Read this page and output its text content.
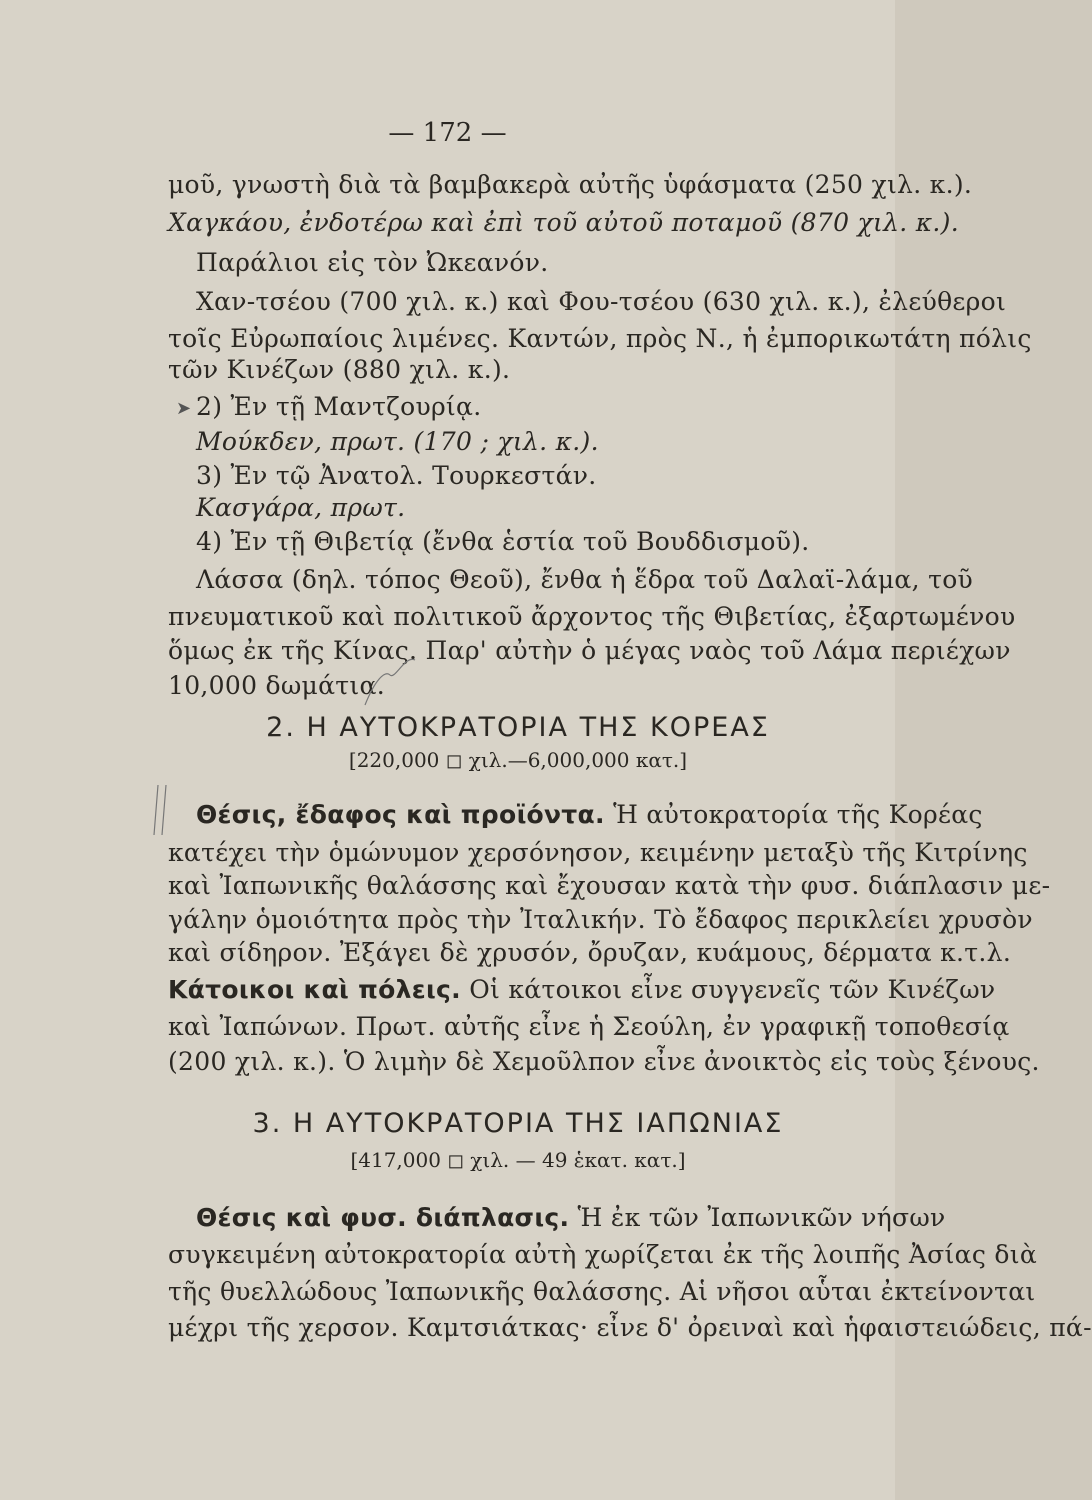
— 172 —
μοῦ, γνωστὴ διὰ τὰ βαμβακερὰ αὐτῆς ὑφάσματα (250 χιλ. κ.).
Χαγκάου, ἐνδοτέρω καὶ ἐπὶ τοῦ αὐτοῦ ποταμοῦ (870 χιλ. κ.).
Παράλιοι εἰς τὸν Ὠκεανόν.
Χαν-τσέου (700 χιλ. κ.) καὶ Φου-τσέου (630 χιλ. κ.), ἐλεύθεροι
τοῖς Εὐρωπαίοις λιμένες. Καντών, πρὸς Ν., ἡ ἐμπορικωτάτη πόλις
τῶν Κινέζων (880 χιλ. κ.).
2) Ἐν τῇ Μαντζουρίᾳ.
Μούκδεν, πρωτ. (170 ; χιλ. κ.).
3) Ἐν τῷ Ἀνατολ. Τουρκεστάν.
Κασγάρα, πρωτ.
4) Ἐν τῇ Θιβετίᾳ (ἔνθα ἑστία τοῦ Βουδδισμοῦ).
Λάσσα (δηλ. τόπος Θεοῦ), ἔνθα ἡ ἕδρα τοῦ Δαλαϊ-λάμα, τοῦ
πνευματικοῦ καὶ πολιτικοῦ ἄρχοντος τῆς Θιβετίας, ἐξαρτωμένου
ὅμως ἐκ τῆς Κίνας. Παρ' αὐτὴν ὁ μέγας ναὸς τοῦ Λάμα περιέχων
10,000 δωμάτια.
➤
2. Η ΑΥΤΟΚΡΑΤΟΡΙΑ ΤΗΣ ΚΟΡΕΑΣ
[220,000 ◻ χιλ.—6,000,000 κατ.]
Θέσις, ἔδαφος καὶ προϊόντα. Ἡ αὐτοκρατορία τῆς Κορέας
κατέχει τὴν ὁμώνυμον χερσόνησον, κειμένην μεταξὺ τῆς Κιτρίνης
καὶ Ἰαπωνικῆς θαλάσσης καὶ ἔχουσαν κατὰ τὴν φυσ. διάπλασιν με-
γάλην ὁμοιότητα πρὸς τὴν Ἰταλικήν. Τὸ ἔδαφος περικλείει χρυσὸν
καὶ σίδηρον. Ἐξάγει δὲ χρυσόν, ὄρυζαν, κυάμους, δέρματα κ.τ.λ.
Κάτοικοι καὶ πόλεις. Οἱ κάτοικοι εἶνε συγγενεῖς τῶν Κινέζων
καὶ Ἰαπώνων. Πρωτ. αὐτῆς εἶνε ἡ Σεούλη, ἐν γραφικῇ τοποθεσίᾳ
(200 χιλ. κ.). Ὁ λιμὴν δὲ Χεμοῦλπον εἶνε ἀνοικτὸς εἰς τοὺς ξένους.
3. Η ΑΥΤΟΚΡΑΤΟΡΙΑ ΤΗΣ ΙΑΠΩΝΙΑΣ
[417,000 ◻ χιλ. — 49 ἑκατ. κατ.]
Θέσις καὶ φυσ. διάπλασις. Ἡ ἐκ τῶν Ἰαπωνικῶν νήσων
συγκειμένη αὐτοκρατορία αὐτὴ χωρίζεται ἐκ τῆς λοιπῆς Ἀσίας διὰ
τῆς θυελλώδους Ἰαπωνικῆς θαλάσσης. Αἱ νῆσοι αὗται ἐκτείνονται
μέχρι τῆς χερσον. Καμτσιάτκας· εἶνε δ' ὀρειναὶ καὶ ἡφαιστειώδεις, πά-
